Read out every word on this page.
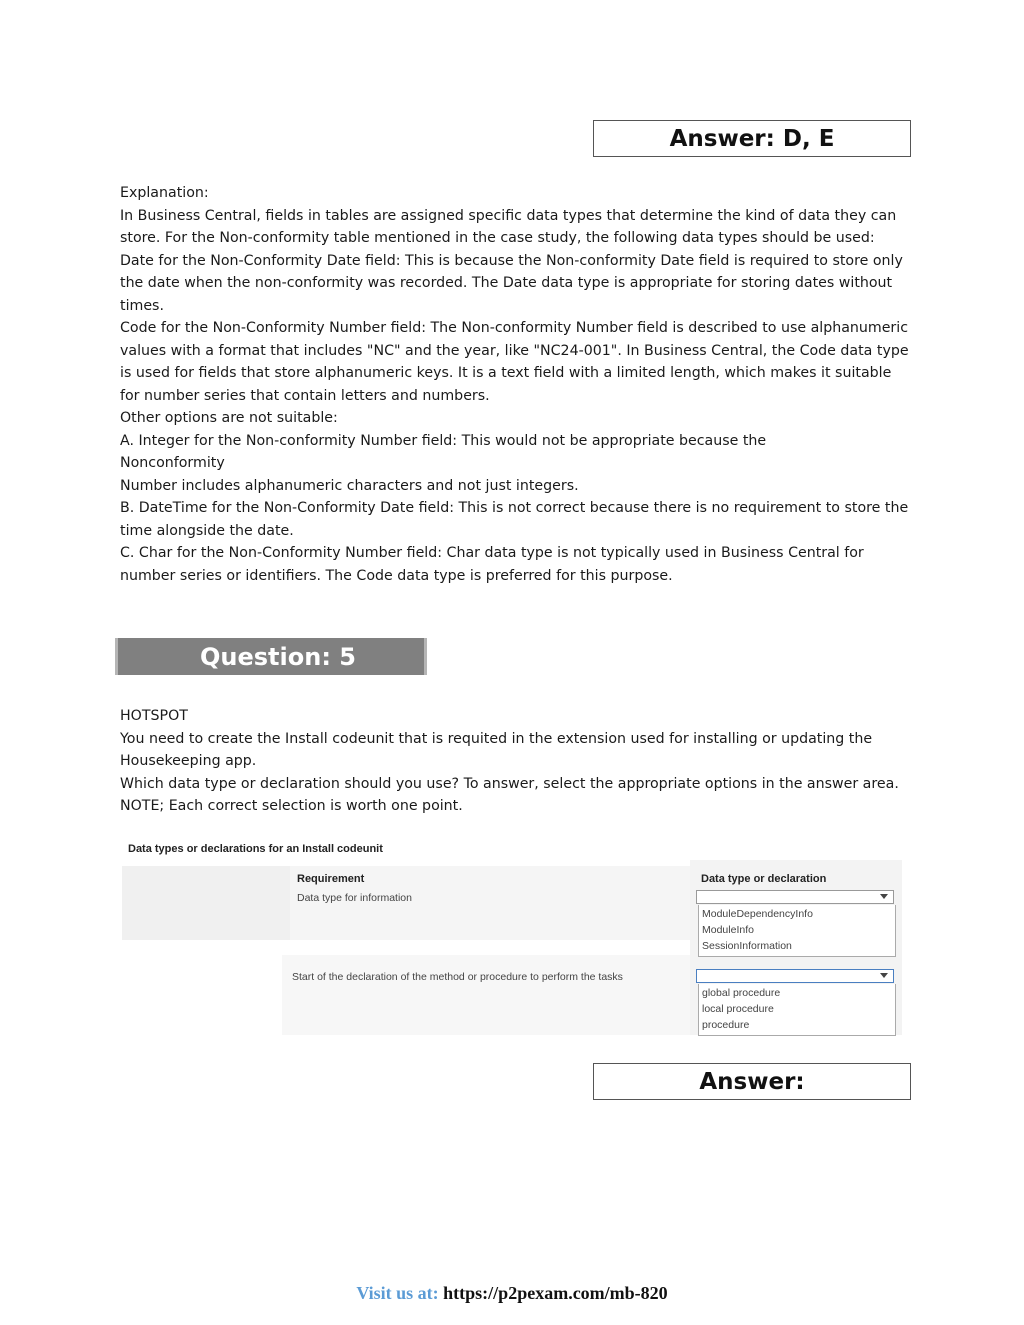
Answer: D, E

Explanation:

In Business Central, fields in tables are assigned specific data types that determine the kind of data they can store. For the Non-conformity table mentioned in the case study, the following data types should be used:

Date for the Non-Conformity Date field: This is because the Non-conformity Date field is required to store only the date when the non-conformity was recorded. The Date data type is appropriate for storing dates without times.

Code for the Non-Conformity Number field: The Non-conformity Number field is described to use alphanumeric values with a format that includes "NC" and the year, like "NC24-001". In Business Central, the Code data type is used for fields that store alphanumeric keys. It is a text field with a limited length, which makes it suitable for number series that contain letters and numbers.

Other options are not suitable:

A. Integer for the Non-conformity Number field: This would not be appropriate because the

Nonconformity

Number includes alphanumeric characters and not just integers.

B. DateTime for the Non-Conformity Date field: This is not correct because there is no requirement to store the time alongside the date.

C. Char for the Non-Conformity Number field: Char data type is not typically used in Business Central for number series or identifiers. The Code data type is preferred for this purpose.

Question: 5

HOTSPOT

You need to create the Install codeunit that is requited in the extension used for installing or updating the Housekeeping app.

Which data type or declaration should you use? To answer, select the appropriate options in the answer area.

NOTE; Each correct selection is worth one point.

Data types or declarations for an Install codeunit
Requirement	Data type or declaration
Data type for information
ModuleDependencyInfo
ModuleInfo
SessionInformation
Start of the declaration of the method or procedure to perform the tasks
global procedure
local procedure
procedure
Answer:
Visit us at: https://p2pexam.com/mb-820
